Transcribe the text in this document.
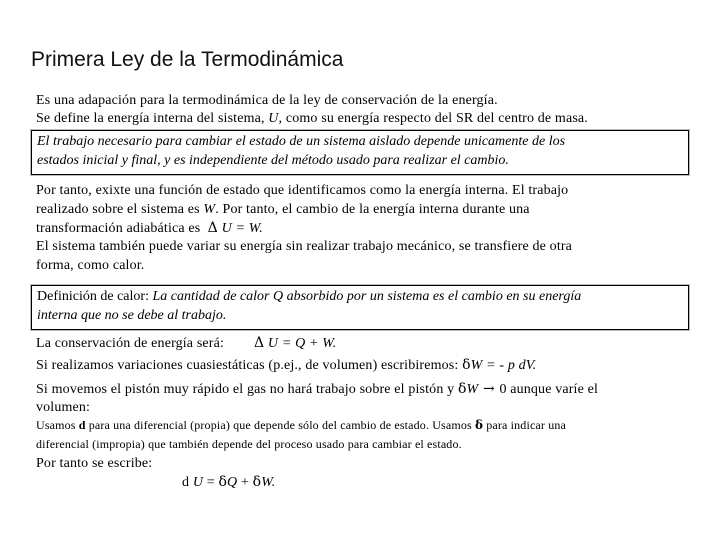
Primera Ley de la Termodinámica
Es una adapación para la termodinámica de la ley de conservación de la energía.
Se define la energía interna del sistema, U, como su energía respecto del SR del centro de masa.
El trabajo necesario para cambiar el estado de un sistema aislado depende unicamente de los
estados inicial y final, y es independiente del método usado para realizar el cambio.
Por tanto, exixte una función de estado que identificamos como la energía interna. El trabajo
realizado sobre el sistema es W. Por tanto, el cambio de la energía interna durante una
transformación adiabática es  Δ U = W.
El sistema también puede variar su energía sin realizar trabajo mecánico, se transfiere de otra
forma, como calor.
Definición de calor: La cantidad de calor Q absorbido por un sistema es el cambio en su energía
interna que no se debe al trabajo.
La conservación de energía será: Δ U = Q + W.
Si realizamos variaciones cuasiestáticas (p.ej., de volumen) escribiremos: δW = - p dV.
Si movemos el pistón muy rápido el gas no hará trabajo sobre el pistón y δW → 0 aunque varíe el
volumen:
Usamos d para una diferencial (propia) que depende sólo del cambio de estado. Usamos δ para indicar una
diferencial (impropia) que también depende del proceso usado para cambiar el estado.
Por tanto se escribe:
d U = δQ + δW.
